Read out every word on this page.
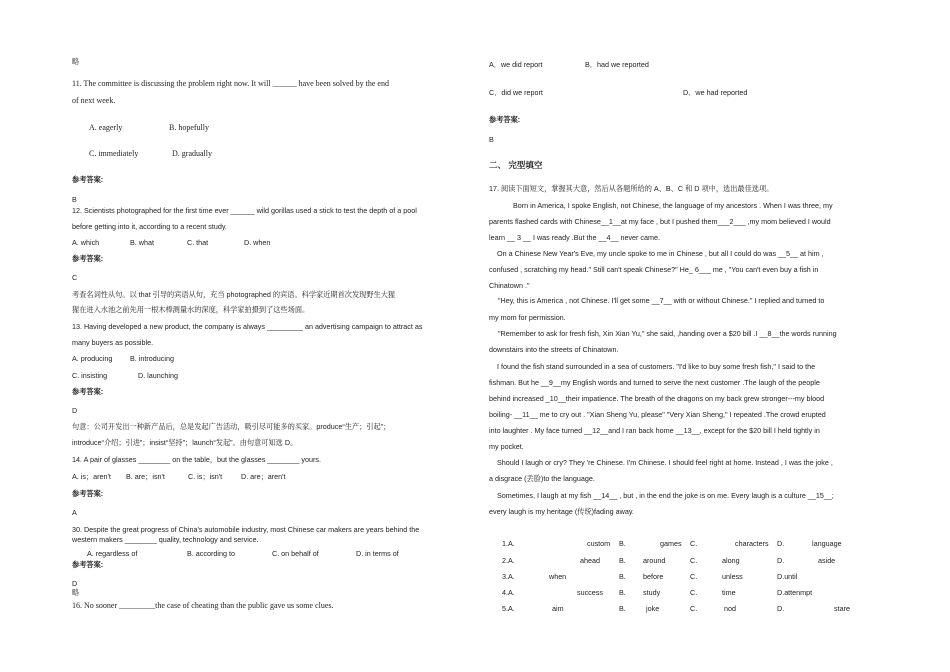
略
11. The committee is discussing the problem right now. It will ______ have been solved by the end
of next week.
A. eagerly	B. hopefully
C. immediately	D. gradually
参考答案:
B
12. Scientists photographed for the first time ever ______ wild gorillas used a stick to test the depth of a pool
before getting into it, according to a recent study.
A. which	B. what	C. that	D. when
参考答案:
C
考查名词性从句。以 that 引导的宾语从句，充当 photographed 的宾语。科学家近期首次发现野生大猩
猩在进入水池之前先用一根木棒测量水的深度，科学家拍摄到了这些场面。
13. Having developed a new product, the company is always _________ an advertising campaign to attract as
many buyers as possible.
A. producing B. introducing
C. insisting	D. launching
参考答案:
D
句意：公司开发出一种新产品后，总是发起广告活动，吸引尽可能多的买家。produce“生产；引起”；
introduce“介绍；引进”；insist“坚持”；launch“发起”。由句意可知选 D。
14. A pair of glasses ________ on the table，but the glasses ________ yours.
A. is；aren't B. are；isn't	C. is；isn't	D. are；aren't
参考答案:
A
30. Despite the great progress of China's automobile industry, most Chinese car makers are years behind the
western makers ________ quality, technology and service.
A. regardless of	B. according to	C. on behalf of	D. in terms of
参考答案:
D
略
16. No sooner _________the case of cheating than the public gave us some clues.
A．we did report	B．had we reported
C．did we report	D．we had reported
参考答案:
B
二、 完型填空
17. 阅读下面短文，掌握其大意，然后从各题所给的 A、B、C 和 D 项中，选出最佳选项。
Born in America, I spoke English, not Chinese, the language of my ancestors . When I was three, my
parents flashed cards with Chinese__1__at my face , but I pushed them___2___ ,my mom believed I would
learn __ 3 __ I was ready .But the __4__ never came.
On a Chinese New Year's Eve, my uncle spoke to me in Chinese , but all I could do was __5__ at him ,
confused , scratching my head." Still can't speak Chinese?" He_ 6___ me , "You can't even buy a fish in
Chinatown ."
"Hey, this is America , not Chinese. I'll get some __7__ with or without Chinese." I replied and turned to
my mom for permission.
"Remember to ask for fresh fish, Xin Xian Yu," she said, ,handing over a $20 bill .I __8__the words running
downstairs into the streets of Chinatown.
I found the fish stand surrounded in a sea of customers. "I'd like to buy some fresh fish," I said to the
fishman. But he __9__my English words and turned to serve the next customer .The laugh of the people
behind increased _10__their impatience. The breath of the dragons on my back grew stronger---my blood
boiling- __11__ me to cry out . "Xian Sheng Yu, please" "Very Xian Sheng," I repeated .The crowd erupted
into laughter . My face turned __12__and I ran back home __13__, except for the $20 bill I held tightly in
my pocket.
Should I laugh or cry? They 're Chinese. I'm Chinese. I should feel right at home. Instead , I was the joke ,
a disgrace (丢脸)to the language.
Sometimes, I laugh at my fish __14__ , but , in the end the joke is on me. Every laugh is a culture __15__;
every laugh is my heritage (传统)fading away.
1.A.	custom B.	games C.	characters D.	language
2.A.	ahead	B. around	C.	along	D.	aside
3.A.	when	B. before	C.	unless	D.until
4.A.	success B. study	C.	time	D.attenmpt
5.A.	aim	B.	joke	C.	nod	D.	stare
